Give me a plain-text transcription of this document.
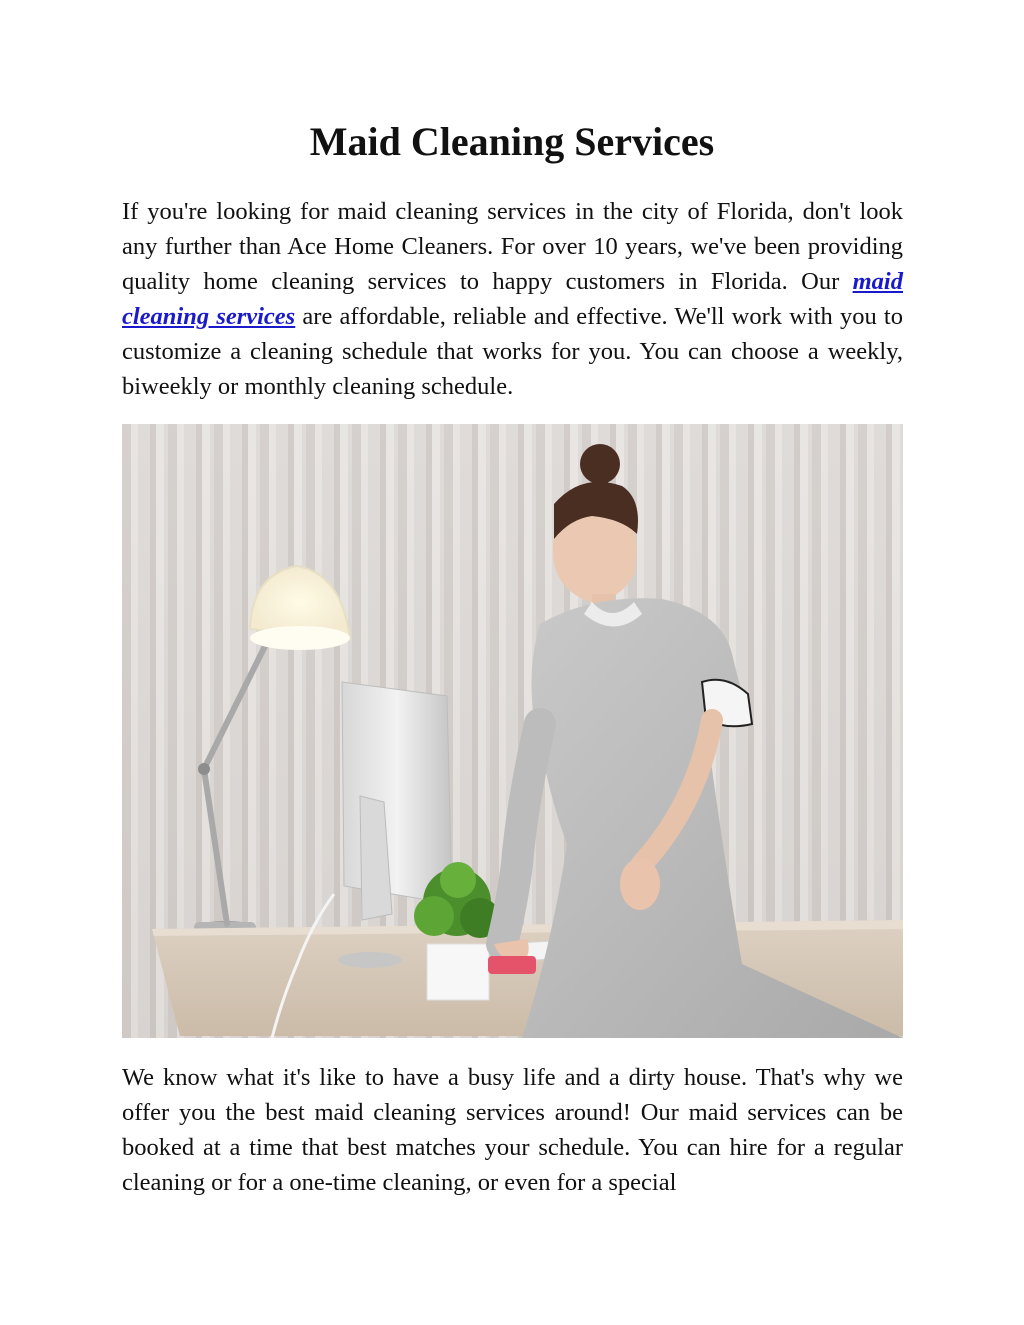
Maid Cleaning Services

If you're looking for maid cleaning services in the city of Florida, don't look any further than Ace Home Cleaners. For over 10 years, we've been providing quality home cleaning services to happy customers in Florida. Our maid cleaning services are affordable, reliable and effective. We'll work with you to customize a cleaning schedule that works for you. You can choose a weekly, biweekly or monthly cleaning schedule.

We know what it's like to have a busy life and a dirty house. That's why we offer you the best maid cleaning services around! Our maid services can be booked at a time that best matches your schedule. You can hire for a regular cleaning or for a one-time cleaning, or even for a special
